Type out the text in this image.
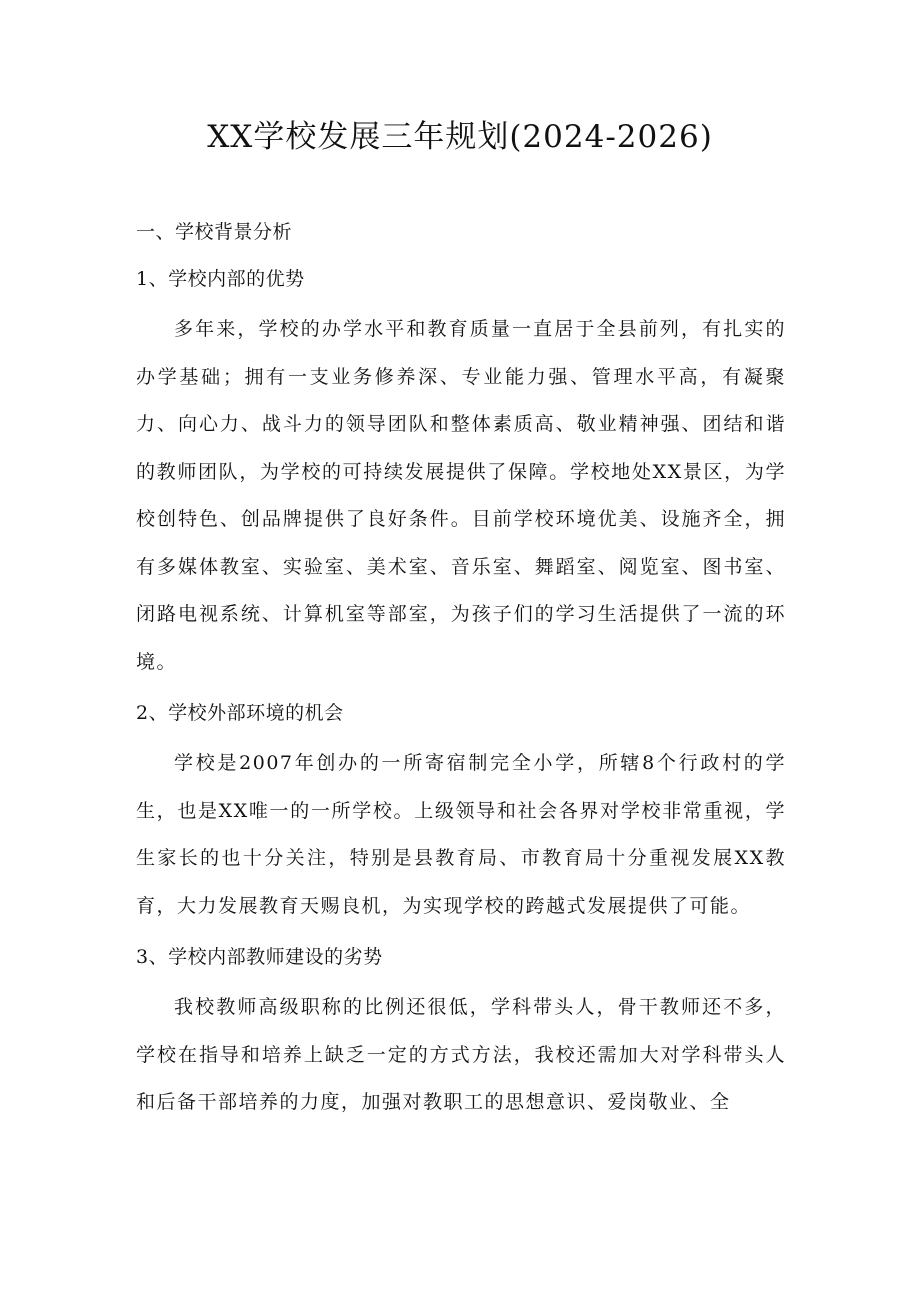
XX学校发展三年规划(2024-2026)

一、学校背景分析

1、学校内部的优势

多年来，学校的办学水平和教育质量一直居于全县前列，有扎实的办学基础；拥有一支业务修养深、专业能力强、管理水平高，有凝聚力、向心力、战斗力的领导团队和整体素质高、敬业精神强、团结和谐的教师团队，为学校的可持续发展提供了保障。学校地处XX景区，为学校创特色、创品牌提供了良好条件。目前学校环境优美、设施齐全，拥有多媒体教室、实验室、美术室、音乐室、舞蹈室、阅览室、图书室、闭路电视系统、计算机室等部室，为孩子们的学习生活提供了一流的环境。

2、学校外部环境的机会

学校是2007年创办的一所寄宿制完全小学，所辖8个行政村的学生，也是XX唯一的一所学校。上级领导和社会各界对学校非常重视，学生家长的也十分关注，特别是县教育局、市教育局十分重视发展XX教育，大力发展教育天赐良机，为实现学校的跨越式发展提供了可能。

3、学校内部教师建设的劣势

我校教师高级职称的比例还很低，学科带头人，骨干教师还不多，学校在指导和培养上缺乏一定的方式方法，我校还需加大对学科带头人和后备干部培养的力度，加强对教职工的思想意识、爱岗敬业、全
